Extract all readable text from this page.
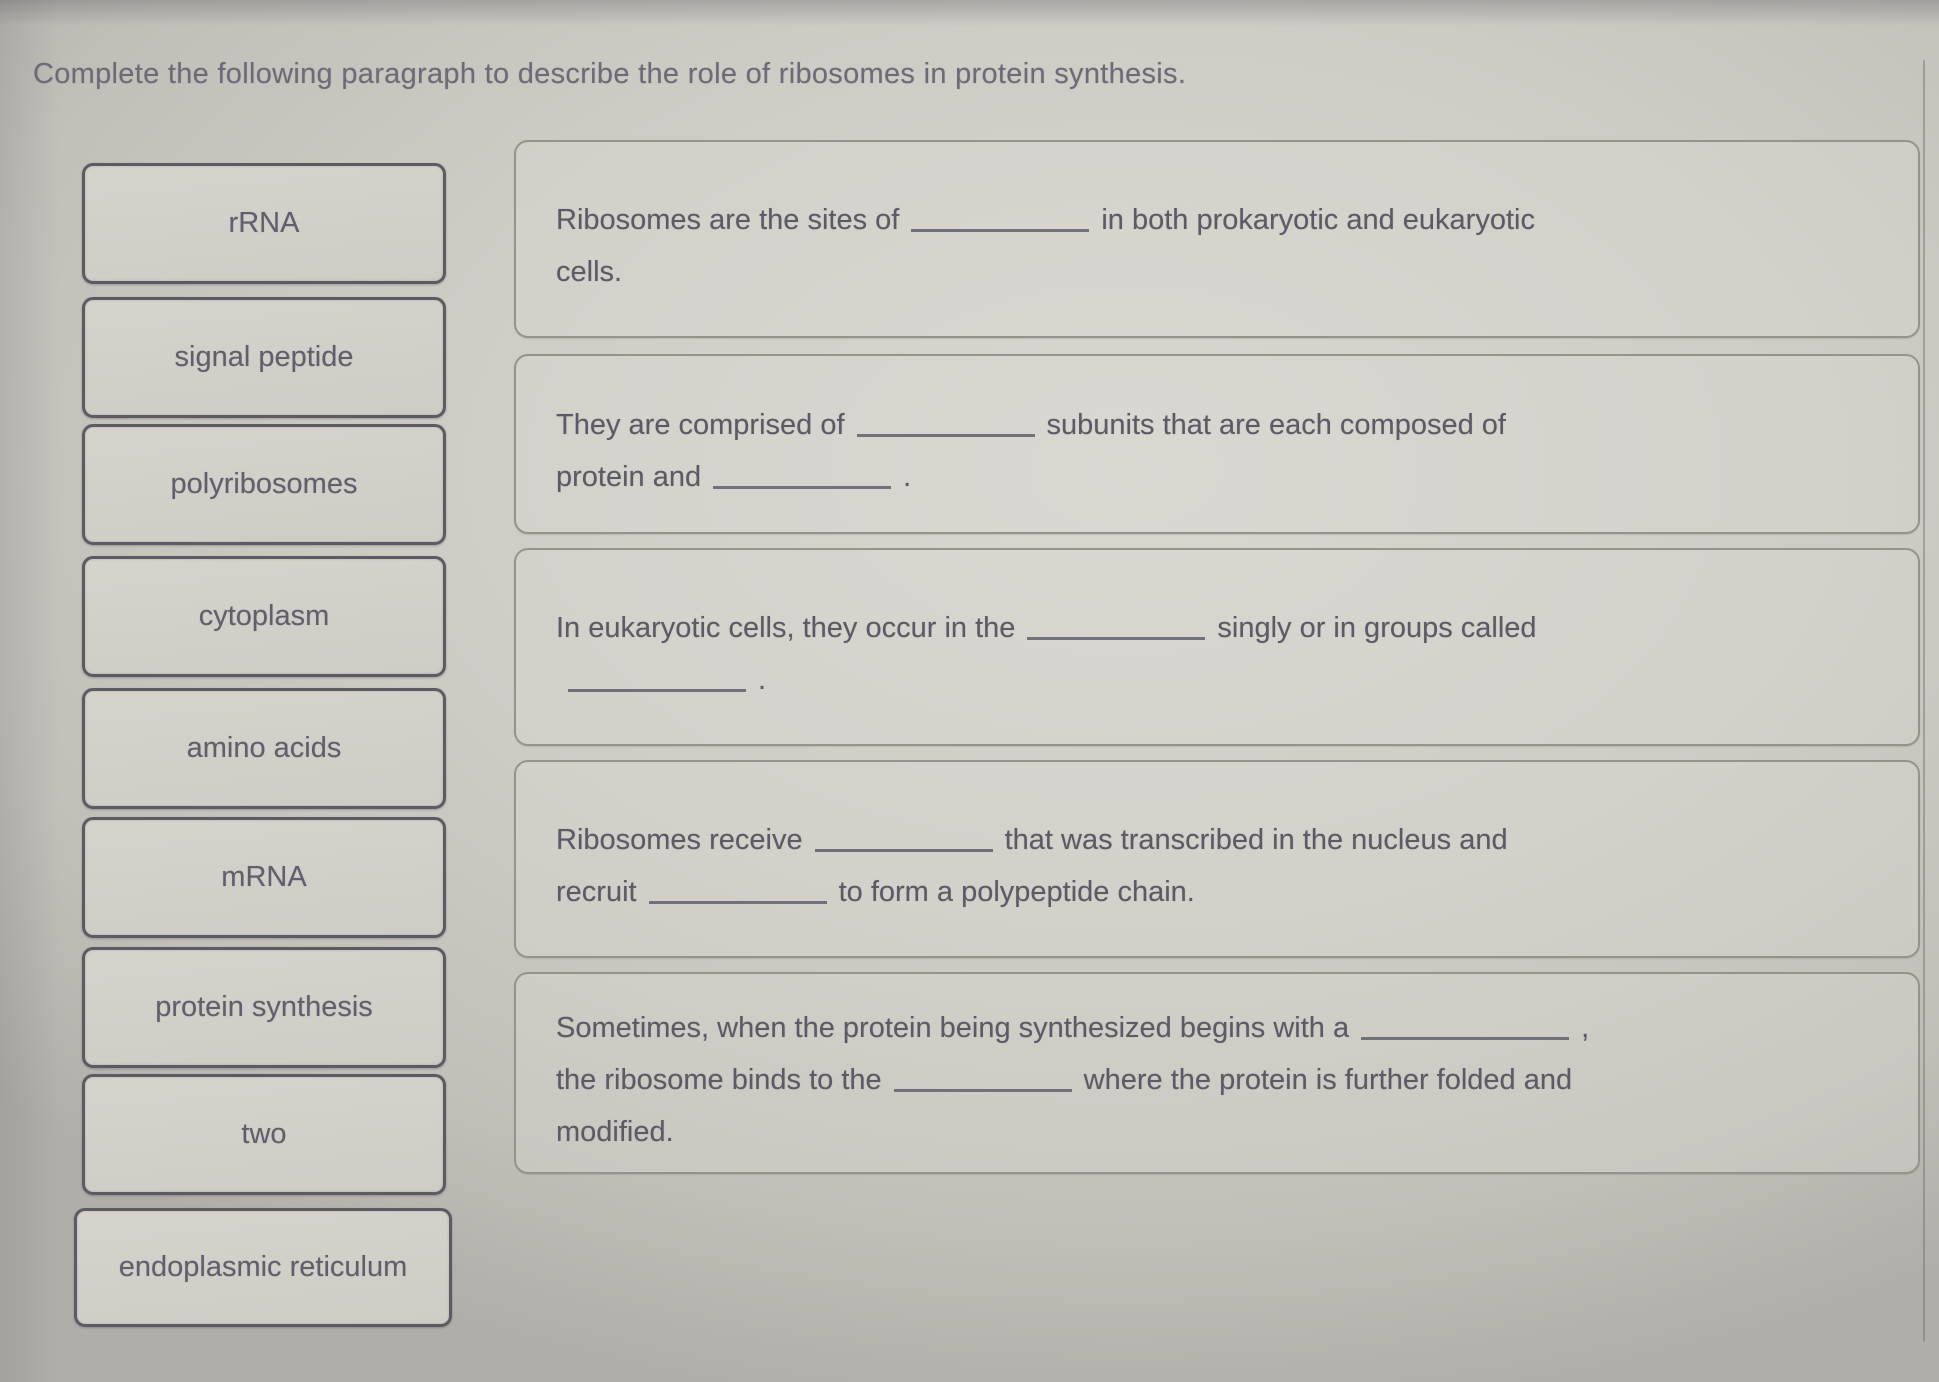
Complete the following paragraph to describe the role of ribosomes in protein synthesis.
rRNA
signal peptide
polyribosomes
cytoplasm
amino acids
mRNA
protein synthesis
two
endoplasmic reticulum
Ribosomes are the sites of	in both prokaryotic and eukaryotic
cells.
They are comprised of	subunits that are each composed of
protein and	.
In eukaryotic cells, they occur in the	singly or in groups called
.
Ribosomes receive	that was transcribed in the nucleus and
recruit	to form a polypeptide chain.
Sometimes, when the protein being synthesized begins with a	,
the ribosome binds to the	where the protein is further folded and
modified.
